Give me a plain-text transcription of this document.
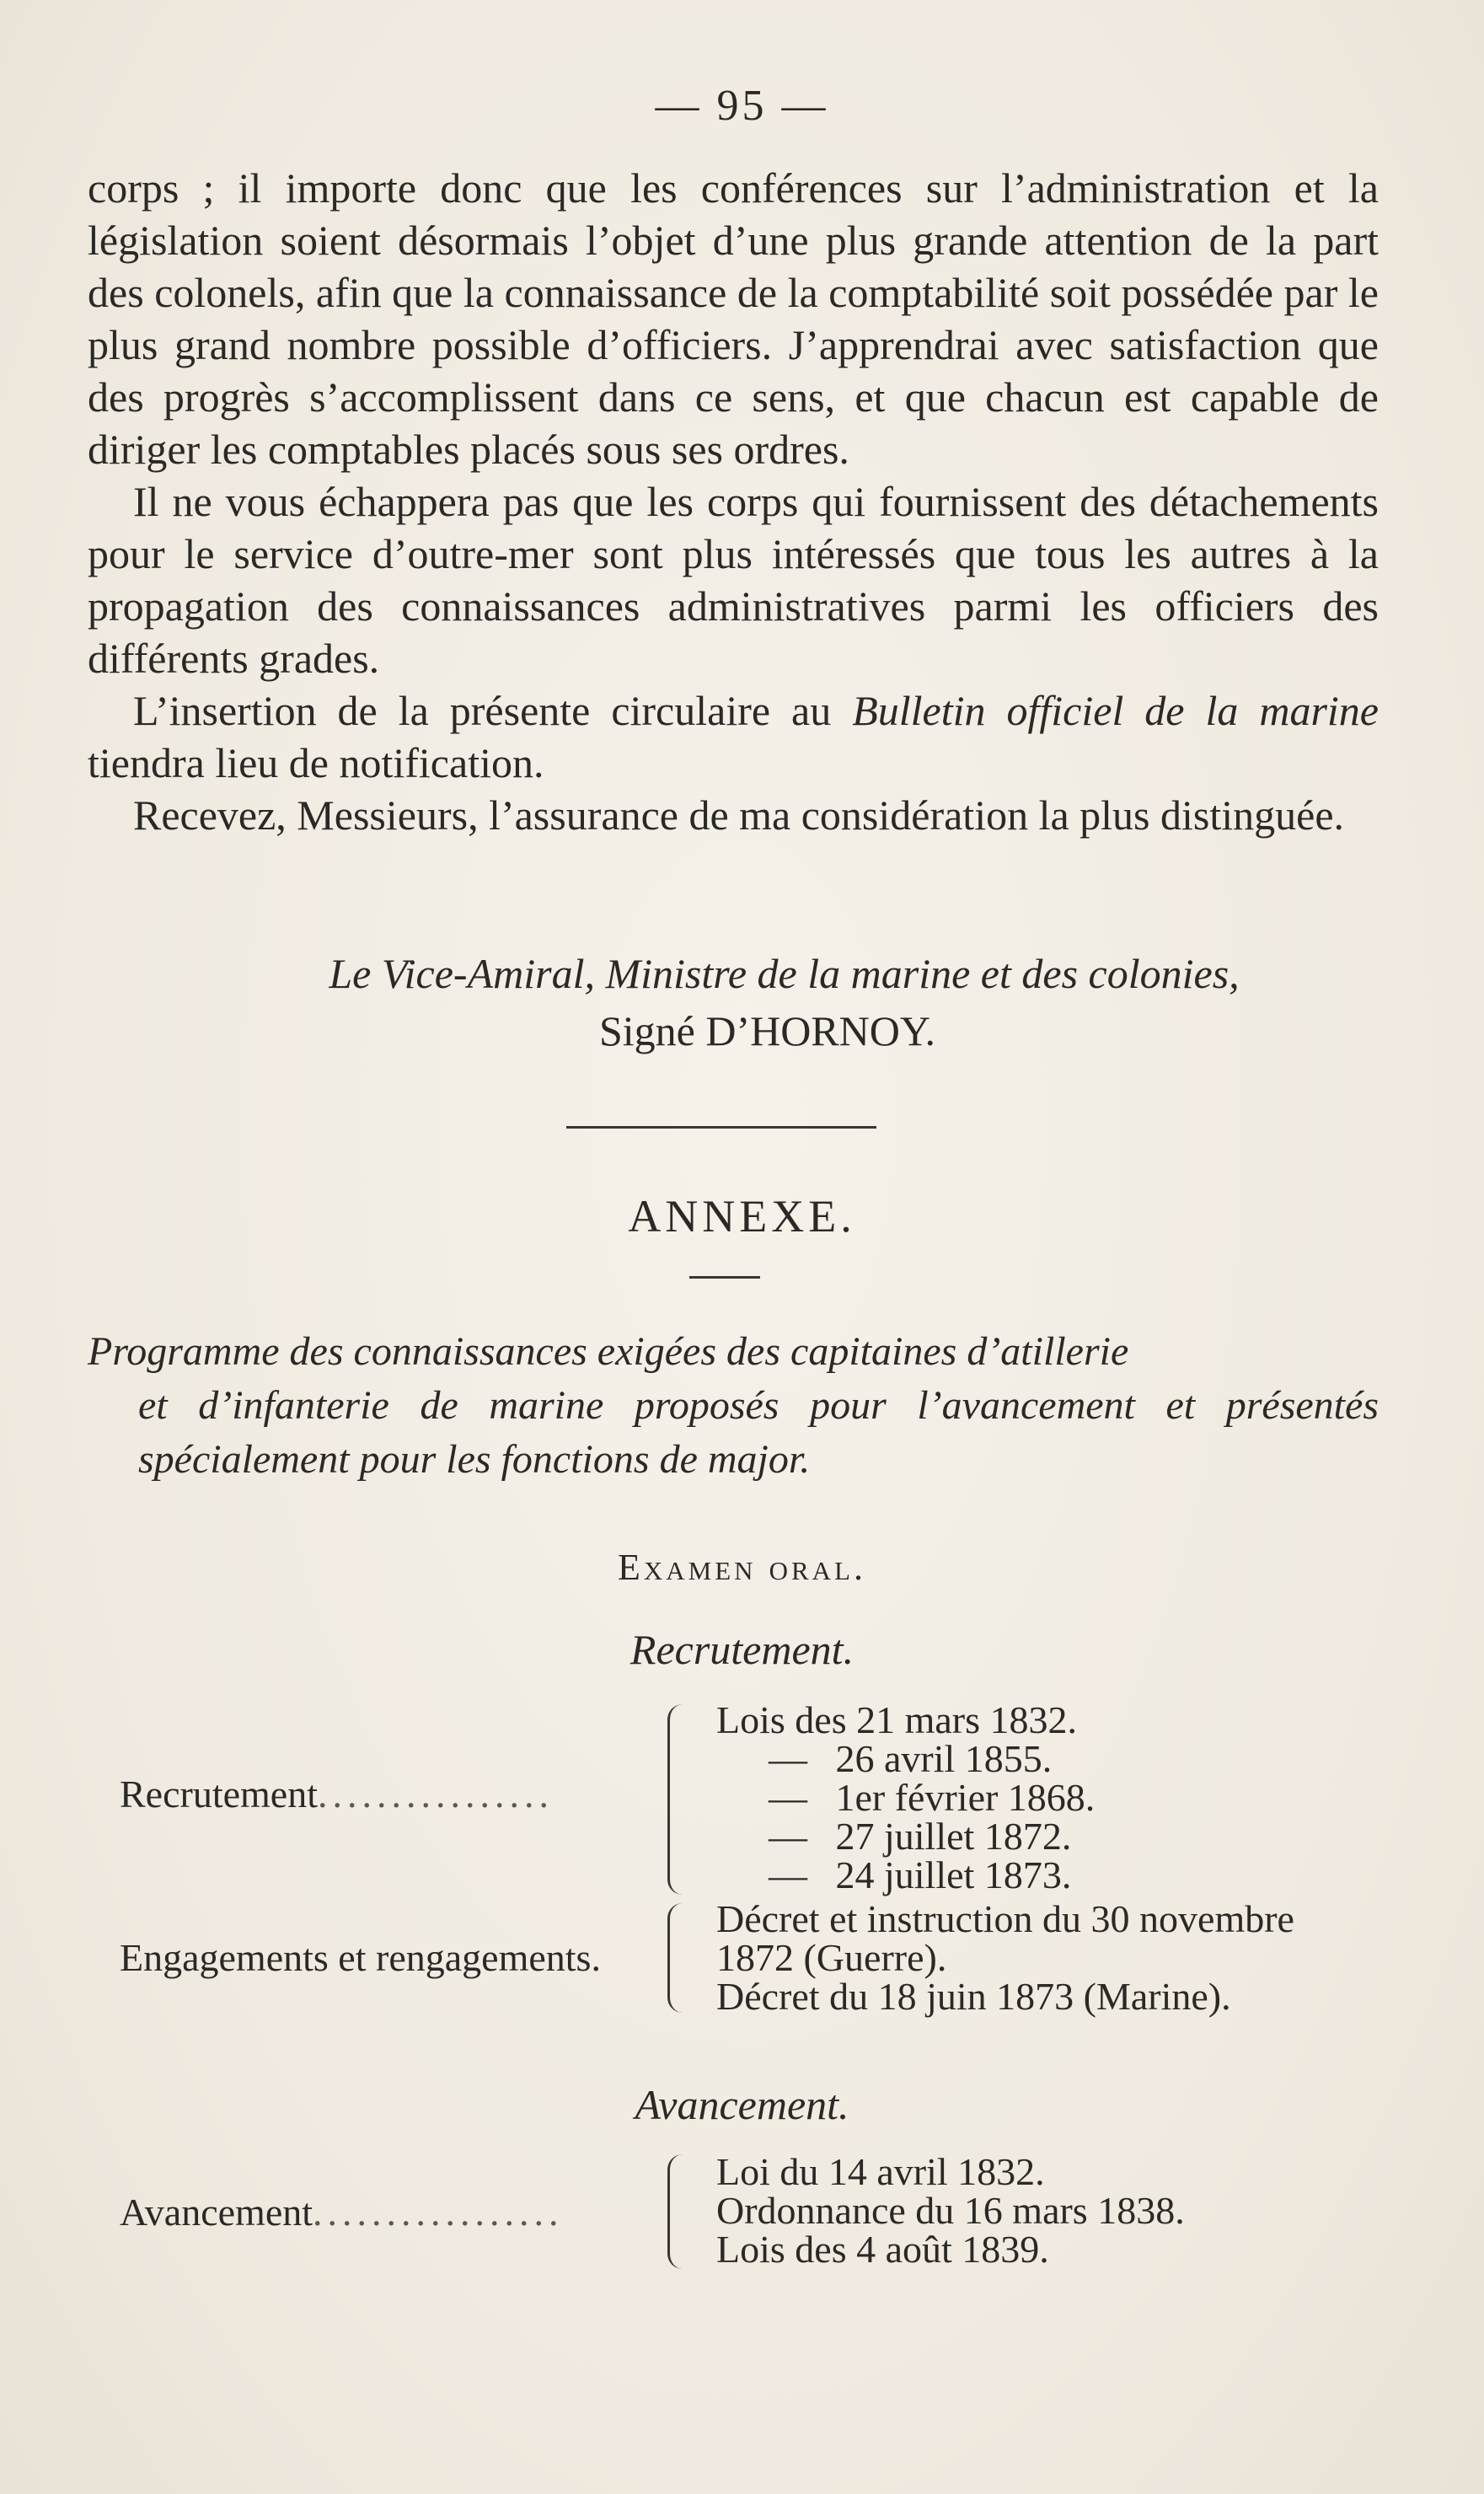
— 95 —

corps ; il importe donc que les conférences sur l’administration et la législation soient désormais l’objet d’une plus grande attention de la part des colonels, afin que la connaissance de la comptabilité soit possédée par le plus grand nombre possible d’officiers. J’apprendrai avec satisfaction que des progrès s’accomplissent dans ce sens, et que chacun est capable de diriger les comptables placés sous ses ordres.

Il ne vous échappera pas que les corps qui fournissent des détachements pour le service d’outre-mer sont plus intéressés que tous les autres à la propagation des connaissances administratives parmi les officiers des différents grades.

L’insertion de la présente circulaire au Bulletin officiel de la marine tiendra lieu de notification.

Recevez, Messieurs, l’assurance de ma considération la plus distinguée.

Le Vice-Amiral, Ministre de la marine et des colonies,
Signé D’HORNOY.
ANNEXE.
Programme des connaissances exigées des capitaines d’atillerie
et d’infanterie de marine proposés pour l’avancement et présentés spécialement pour les fonctions de major.
Examen oral.
Recrutement.
Recrutement................
Lois des 21 mars 1832.
— 26 avril 1855.
— 1er février 1868.
— 27 juillet 1872.
— 24 juillet 1873.
Engagements et rengagements.
Décret et instruction du 30 novembre 1872 (Guerre).
Décret du 18 juin 1873 (Marine).
Avancement.
Avancement.................
Loi du 14 avril 1832.
Ordonnance du 16 mars 1838.
Lois des 4 août 1839.
